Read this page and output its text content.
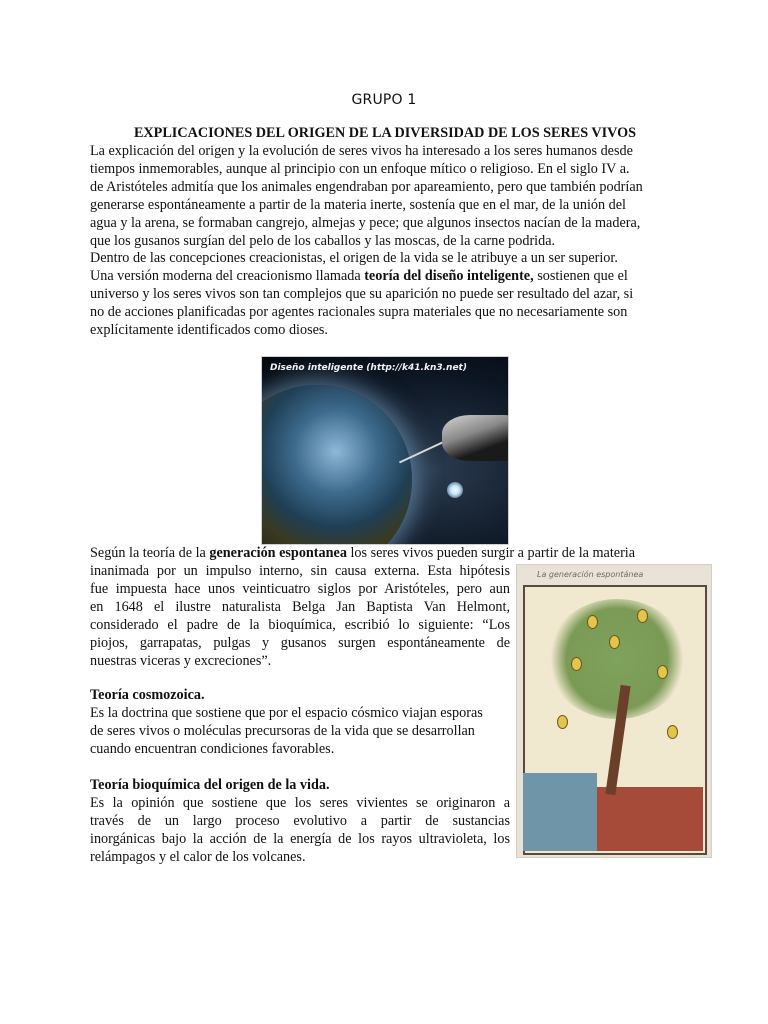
GRUPO 1
EXPLICACIONES DEL ORIGEN DE LA DIVERSIDAD DE LOS SERES VIVOS
La explicación del origen y la evolución de seres vivos ha interesado a los seres humanos desde
tiempos inmemorables, aunque al principio con un enfoque mítico o religioso. En el siglo IV a.
de Aristóteles admitía que los animales engendraban por apareamiento, pero que también podrían
generarse espontáneamente a partir de la materia inerte, sostenía que en el mar, de la unión del
agua y la arena, se formaban cangrejo, almejas y pece; que algunos insectos nacían de la madera,
que los gusanos surgían del pelo de los caballos y las moscas, de la carne podrida.
Dentro de las concepciones creacionistas, el origen de la vida se le atribuye a un ser superior.
Una versión moderna del creacionismo llamada teoría del diseño inteligente, sostienen que el
universo y los seres vivos son tan complejos que su aparición no puede ser resultado del azar, si
no de acciones planificadas por agentes racionales supra materiales que no necesariamente son
explícitamente identificados como dioses.
Diseño inteligente (http://k41.kn3.net)
Según la teoría de la generación espontanea los seres vivos pueden surgir a partir de la materia
inanimada por un impulso interno, sin causa externa. Esta hipótesis
fue impuesta hace unos veinticuatro siglos por Aristóteles, pero aun
en 1648 el ilustre naturalista Belga Jan Baptista Van Helmont,
considerado el padre de la bioquímica, escribió lo siguiente: “Los
piojos, garrapatas, pulgas y gusanos surgen espontáneamente de
nuestras viceras y excreciones”.
La generación espontánea
Teoría cosmozoica.
Es la doctrina que sostiene que por el espacio cósmico viajan esporas
de seres vivos o moléculas precursoras de la vida que se desarrollan
cuando encuentran condiciones favorables.
Teoría bioquímica del origen de la vida.
Es la opinión que sostiene que los seres vivientes se originaron a
través de un largo proceso evolutivo a partir de sustancias
inorgánicas bajo la acción de la energía de los rayos ultravioleta, los
relámpagos y el calor de los volcanes.
